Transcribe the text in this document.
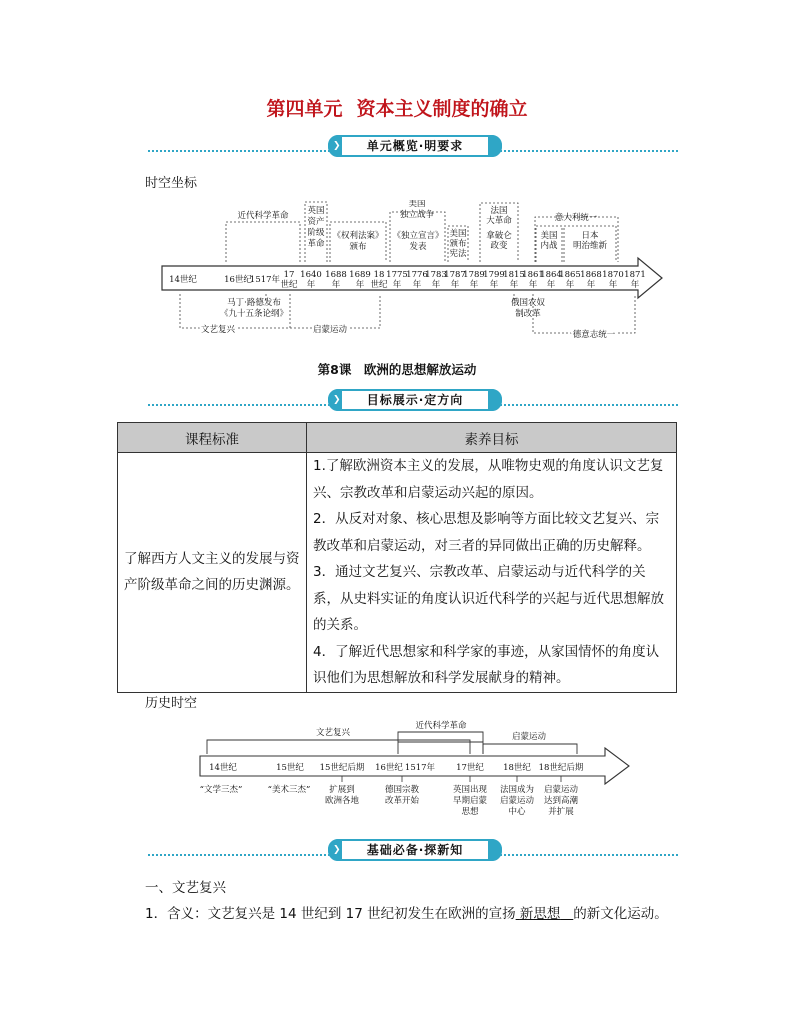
第四单元 资本主义制度的确立
❯ 单元概览·明要求
时空坐标
14世纪	16世纪
1517年 17
世纪
1640
年
1688
年
1689
年
18
世纪
1775
年
1776
年
1783
年
1787
年
1789
年
1799
年
1815
年
1861
年
1864
年
1865
年
1868
年
1870
年
1871
年
近代科学革命 英国
资产
阶级
革命
《权利法案》
颁布
美国
独立战争
《独立宣言》
发表
美国
颁布
宪法
法国
大革命
拿破仑
政变
意大利统一
美国
内战
日本
明治维新
马丁·路德发布
《九十五条论纲》
文艺复兴	启蒙运动
俄国农奴
制改革
德意志统一
第8课　欧洲的思想解放运动
❯ 目标展示·定方向
课程标准	素养目标
了解西方人文主义的发展与资产阶级革命之间的历史渊源。	1.了解欧洲资本主义的发展，从唯物史观的角度认识文艺复兴、宗教改革和启蒙运动兴起的原因。
2．从反对对象、核心思想及影响等方面比较文艺复兴、宗教改革和启蒙运动，对三者的异同做出正确的历史解释。
3．通过文艺复兴、宗教改革、启蒙运动与近代科学的关系，从史料实证的角度认识近代科学的兴起与近代思想解放的关系。
4．了解近代思想家和科学家的事迹，从家国情怀的角度认识他们为思想解放和科学发展献身的精神。
历史时空
文艺复兴
近代科学革命
启蒙运动
14世纪	15世纪 15世纪后期 16世纪 1517年 17世纪 18世纪 18世纪后期
“文学三杰”	“美术三杰” 扩展到
欧洲各地
德国宗教
改革开始
英国出现
早期启蒙
思想
法国成为
启蒙运动
中心
启蒙运动
达到高潮
并扩展
❯ 基础必备·探新知
一、文艺复兴
1．含义：文艺复兴是 14 世纪到 17 世纪初发生在欧洲的宣扬 新思想 的新文化运动。
